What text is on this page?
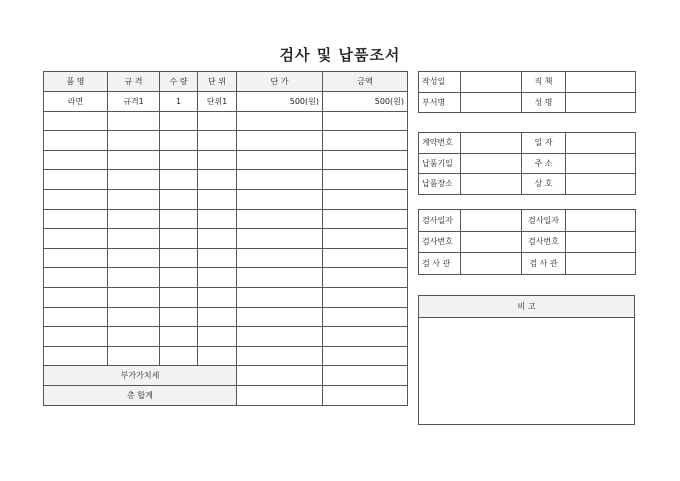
검사 및 납품조서
품 명	규 격	수 량	단 위	단 가	금액
라면	규격1	1	단위1	500(원)	500(원)

부가가치세					
총 합계					
작성일		직 책	
부서명		성 명	
계약번호		일 자	
납품기일		주 소	
납품장소		상 호	
검사일자		검사일자	
검사번호		검사번호	
검 사 관		검 사 관	
비 고
